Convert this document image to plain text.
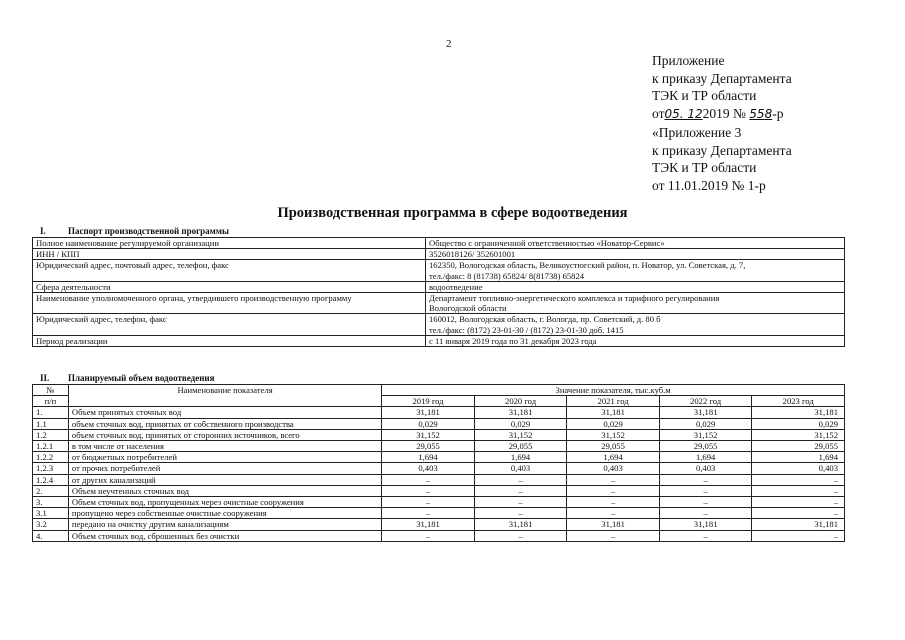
2
Приложение
к приказу Департамента
ТЭК и ТР области
от05. 122019 № 558-р
«Приложение 3
к приказу Департамента
ТЭК и ТР области
от 11.01.2019 № 1-р
Производственная программа в сфере водоотведения
I. Паспорт производственной программы
Полное наименование регулируемой организации	Общество с ограниченной ответственностью «Новатор-Сервис»

ИНН / КПП	3526018126/ 352601001

Юридический адрес, почтовый адрес, телефон, факс	162350, Вологодская область, Великоустюгский район, п. Новатор, ул. Советская, д. 7,
тел./факс: 8 (81738) 65824/ 8(81738) 65824

Сфера деятельности	водоотведение

Наименование уполномоченного органа, утвердившего производственную программу	Департамент топливно-энергетического комплекса и тарифного регулирования
Вологодской области

Юридический адрес, телефон, факс	160012, Вологодская область, г. Вологда, пр. Советский, д. 80 б
тел./факс: (8172) 23-01-30 / (8172) 23-01-30 доб. 1415

Период реализации	с 11 января 2019 года по 31 декабря 2023 года
II. Планируемый объем водоотведения
№	Наименование показателя	Значение показателя, тыс.куб.м				
п/п		2019 год	2020 год	2021 год	2022 год	2023 год
1.	Объем принятых сточных вод	31,181	31,181	31,181	31,181	31,181
1.1	объем сточных вод, принятых от собственного производства	0,029	0,029	0,029	0,029	0,029
1.2	объем сточных вод, принятых от сторонних источников, всего	31,152	31,152	31,152	31,152	31,152
1.2.1	в том числе от населения	29,055	29,055	29,055	29,055	29,055
1.2.2	от бюджетных потребителей	1,694	1,694	1,694	1,694	1,694
1.2.3	от прочих потребителей	0,403	0,403	0,403	0,403	0,403
1.2.4	от других канализаций	–	–	–	–	–
2.	Объем неучтенных сточных вод	–	–	–	–	–
3.	Объем сточных вод, пропущенных через очистные сооружения	–	–	–	–	–
3.1	пропущено через собственные очистные сооружения	–	–	–	–	–
3.2	передано на очистку другим канализациям	31,181	31,181	31,181	31,181	31,181
4.	Объем сточных вод, сброшенных без очистки	–	–	–	–	–
